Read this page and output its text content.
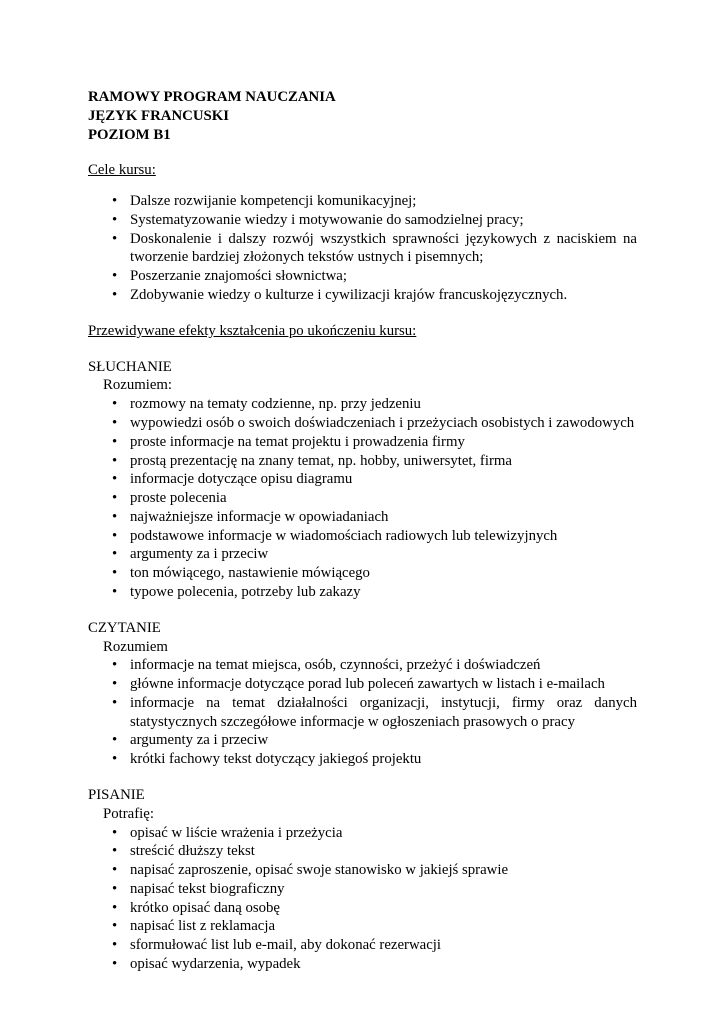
RAMOWY PROGRAM NAUCZANIA

JĘZYK FRANCUSKI

POZIOM B1

Cele kursu:
• Dalsze rozwijanie kompetencji komunikacyjnej;
• Systematyzowanie wiedzy i motywowanie do samodzielnej pracy;
• Doskonalenie i dalszy rozwój wszystkich sprawności językowych z naciskiem na tworzenie bardziej złożonych tekstów ustnych i pisemnych;
• Poszerzanie znajomości słownictwa;
• Zdobywanie wiedzy o kulturze i cywilizacji krajów francuskojęzycznych.
Przewidywane efekty kształcenia po ukończeniu kursu:
SŁUCHANIE

Rozumiem:

• rozmowy na tematy codzienne, np. przy jedzeniu
• wypowiedzi osób o swoich doświadczeniach i przeżyciach osobistych i zawodowych
• proste informacje na temat projektu i prowadzenia firmy
• prostą prezentację na znany temat, np. hobby, uniwersytet, firma
• informacje dotyczące opisu diagramu
• proste polecenia
• najważniejsze informacje w opowiadaniach
• podstawowe informacje w wiadomościach radiowych lub telewizyjnych
• argumenty za i przeciw
• ton mówiącego, nastawienie mówiącego
• typowe polecenia, potrzeby lub zakazy
CZYTANIE

Rozumiem

• informacje na temat miejsca, osób, czynności, przeżyć i doświadczeń
• główne informacje dotyczące porad lub poleceń zawartych w listach i e-mailach
• informacje na temat działalności organizacji, instytucji, firmy oraz danych statystycznych szczegółowe informacje w ogłoszeniach prasowych o pracy
• argumenty za i przeciw
• krótki fachowy tekst dotyczący jakiegoś projektu
PISANIE

Potrafię:

• opisać w liście wrażenia i przeżycia
• streścić dłuższy tekst
• napisać zaproszenie, opisać swoje stanowisko w jakiejś sprawie
• napisać tekst biograficzny
• krótko opisać daną osobę
• napisać list z reklamacja
• sformułować list lub e-mail, aby dokonać rezerwacji
• opisać wydarzenia, wypadek
